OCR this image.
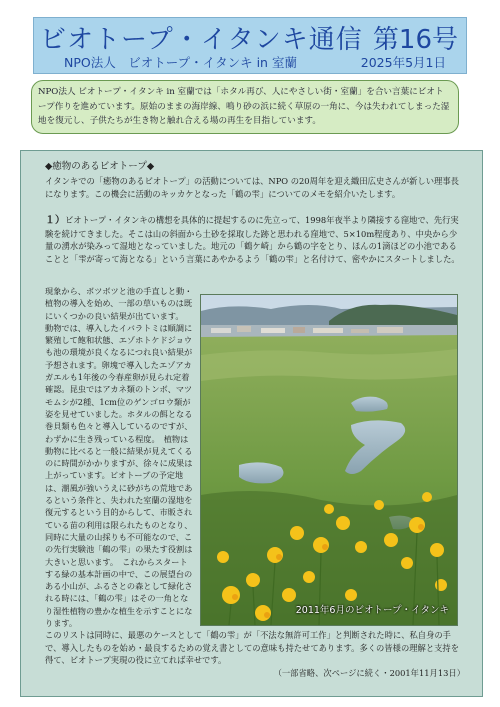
ビオトープ・イタンキ通信 第16号
NPO法人　ビオトープ・イタンキ in 室蘭	2025年5月1日
NPO法人 ビオトープ・イタンキ in 室蘭では「ホタル再び、人にやさしい街・室蘭」を合い言葉にビオトープ作りを進めています。原始のままの海岸線、鳴り砂の浜に続く草原の一角に、今は失われてしまった湿地を復元し、子供たちが生き物と触れ合える場の再生を目指しています。
◆癒物のあるビオトープ◆
イタンキでの「癒物のあるビオトープ」の活動については、NPO の20周年を迎え織田広史さんが新しい理事長になります。この機会に活動のキッカケとなった「鶴の雫」についてのメモを紹介いたします。
１）ビオトープ・イタンキの構想を具体的に提起するのに先立って、1998年夜半より隣接する窪地で、先行実験を続けてきました。そこは山の斜面から土砂を採取した跡と思われる窪地で、5×10m程度あり、中央から少量の湧水が染みって湿地となっていました。地元の「鶴ケ崎」から鶴の字をとり、ほんの1滴ほどの小池であることと「雫が寄って海となる」という言葉にあやかるよう「鶴の雫」と名付けて、密やかにスタートしました。
現象から、ボツボツと池の手直しと動・植物の導入を始め、一部の草いものは既にいくつかの良い結果が出ています。　動物では、導入したイバラトミは順調に繁殖して飽和状態、エゾホトケドジョウも池の環境が良くなるにつれ良い結果が予想されます。卵塊で導入したエゾアカガエルも1年後の今春産卵が見られ定着確認。昆虫ではアカネ類のトンボ、マツモムシが2種、1cm位のゲンゴロウ類が姿を見せていました。ホタルの餌となる巻貝類も色々と導入しているのですが、わずかに生き残っている程度。　植物は動物に比べると一般に結果が見えてくるのに時間がかかりますが、徐々に成果は上がっています。ビオトープの予定地は、潮風が強いうえに砂がちの荒地であるという条件と、失われた室蘭の湿地を復元するという目的からして、市販されている苗の利用は限られたものとなり、同時に大量の山採りも不可能なので、この先行実験池「鶴の雫」の果たす役割は大きいと思います。　これからスタートする緑の基本計画の中で、この展望台のある小山が、ふるさとの森として緑化される時には、「鶴の雫」はその一角となり湿性植物の豊かな植生を示すことになります。
2011年6月のビオトープ・イタンキ
このリストは同時に、最悪のケースとして「鶴の雫」が「不法な無許可工作」と判断された時に、私自身の手で、導入したものを始め・最良するための覚え書としての意味も持たせてあります。多くの皆様の理解と支持を得て、ビオトープ実現の役に立てれば幸せです。
（一部省略、次ページに続く・2001年11月13日）
